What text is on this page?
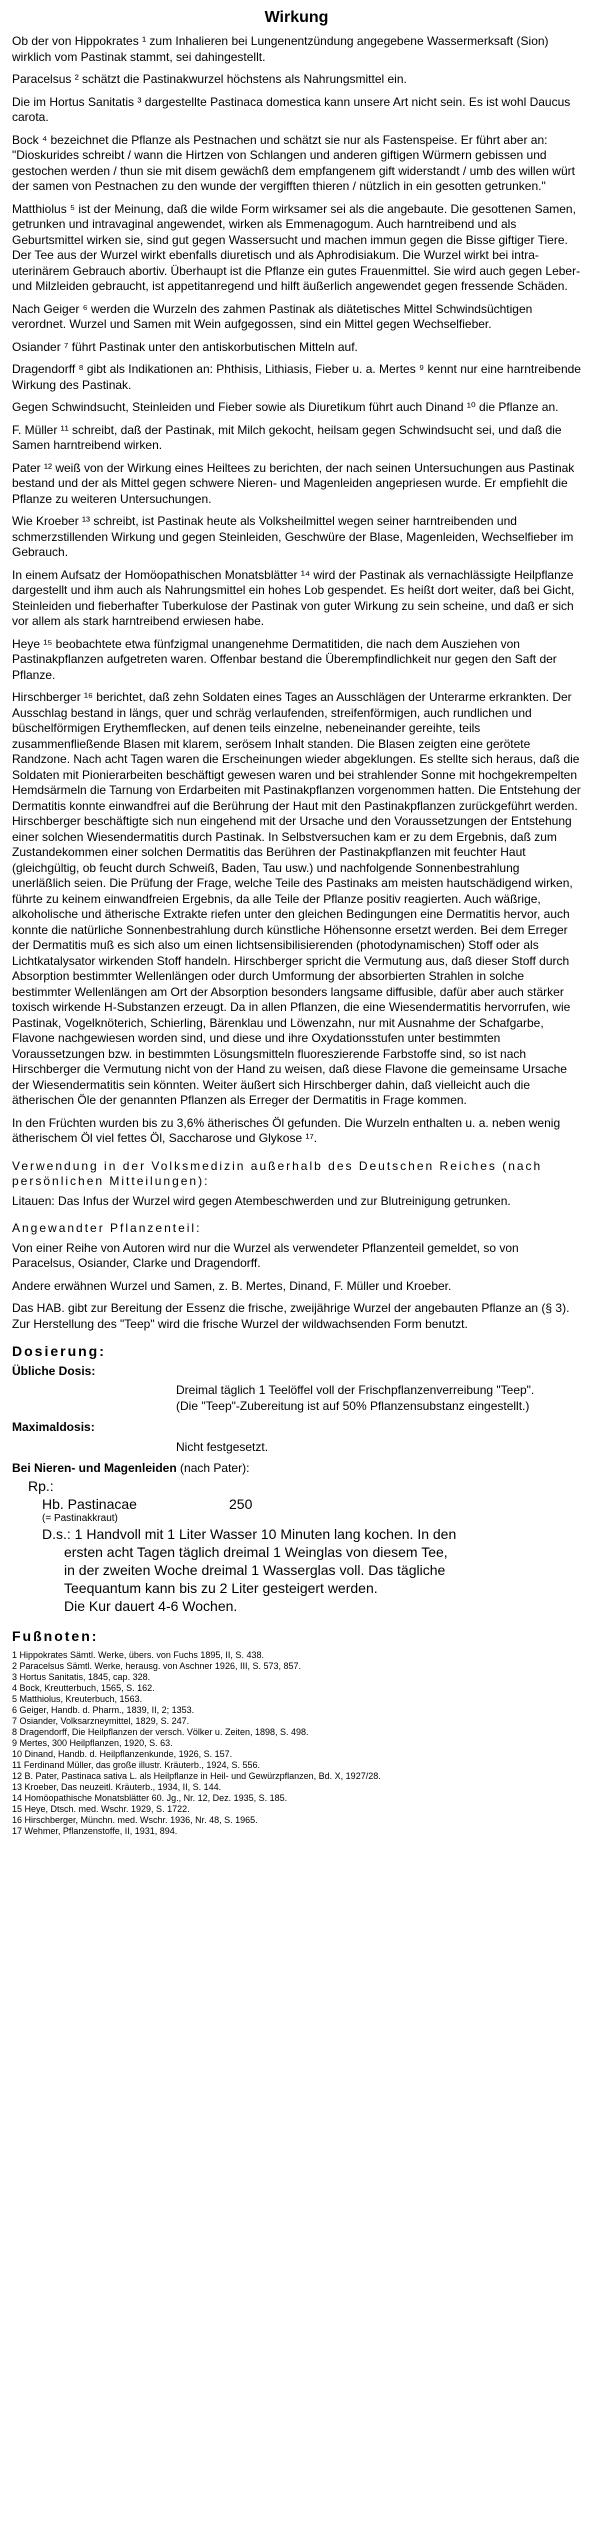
Wirkung

Ob der von Hippokrates ¹ zum Inhalieren bei Lungenentzündung angegebene Wassermerksaft (Sion) wirklich vom Pastinak stammt, sei dahingestellt.

Paracelsus ² schätzt die Pastinakwurzel höchstens als Nahrungsmittel ein.

Die im Hortus Sanitatis ³ dargestellte Pastinaca domestica kann unsere Art nicht sein. Es ist wohl Daucus carota.

Bock ⁴ bezeichnet die Pflanze als Pestnachen und schätzt sie nur als Fastenspeise. Er führt aber an: "Dioskurides schreibt / wann die Hirtzen von Schlangen und anderen giftigen Würmern gebissen und gestochen werden / thun sie mit disem gewächß dem empfangenem gift widerstandt / umb des willen würt der samen von Pestnachen zu den wunde der vergifften thieren / nützlich in ein gesotten getrunken."

Matthiolus ⁵ ist der Meinung, daß die wilde Form wirksamer sei als die angebaute. Die gesottenen Samen, getrunken und intravaginal angewendet, wirken als Emmenagogum. Auch harntreibend und als Geburtsmittel wirken sie, sind gut gegen Wassersucht und machen immun gegen die Bisse giftiger Tiere. Der Tee aus der Wurzel wirkt ebenfalls diuretisch und als Aphrodisiakum. Die Wurzel wirkt bei intra-uterinärem Gebrauch abortiv. Überhaupt ist die Pflanze ein gutes Frauenmittel. Sie wird auch gegen Leber- und Milzleiden gebraucht, ist appetitanregend und hilft äußerlich angewendet gegen fressende Schäden.

Nach Geiger ⁶ werden die Wurzeln des zahmen Pastinak als diätetisches Mittel Schwindsüchtigen verordnet. Wurzel und Samen mit Wein aufgegossen, sind ein Mittel gegen Wechselfieber.

Osiander ⁷ führt Pastinak unter den antiskorbutischen Mitteln auf.

Dragendorff ⁸ gibt als Indikationen an: Phthisis, Lithiasis, Fieber u. a. Mertes ⁹ kennt nur eine harntreibende Wirkung des Pastinak.

Gegen Schwindsucht, Steinleiden und Fieber sowie als Diuretikum führt auch Dinand ¹⁰ die Pflanze an.

F. Müller ¹¹ schreibt, daß der Pastinak, mit Milch gekocht, heilsam gegen Schwindsucht sei, und daß die Samen harntreibend wirken.

Pater ¹² weiß von der Wirkung eines Heiltees zu berichten, der nach seinen Untersuchungen aus Pastinak bestand und der als Mittel gegen schwere Nieren- und Magenleiden angepriesen wurde. Er empfiehlt die Pflanze zu weiteren Untersuchungen.

Wie Kroeber ¹³ schreibt, ist Pastinak heute als Volksheilmittel wegen seiner harntreibenden und schmerzstillenden Wirkung und gegen Steinleiden, Geschwüre der Blase, Magenleiden, Wechselfieber im Gebrauch.

In einem Aufsatz der Homöopathischen Monatsblätter ¹⁴ wird der Pastinak als vernachlässigte Heilpflanze dargestellt und ihm auch als Nahrungsmittel ein hohes Lob gespendet. Es heißt dort weiter, daß bei Gicht, Steinleiden und fieberhafter Tuberkulose der Pastinak von guter Wirkung zu sein scheine, und daß er sich vor allem als stark harntreibend erwiesen habe.

Heye ¹⁵ beobachtete etwa fünfzigmal unangenehme Dermatitiden, die nach dem Ausziehen von Pastinakpflanzen aufgetreten waren. Offenbar bestand die Überempfindlichkeit nur gegen den Saft der Pflanze.

Hirschberger ¹⁶ berichtet, daß zehn Soldaten eines Tages an Ausschlägen der Unterarme erkrankten. Der Ausschlag bestand in längs, quer und schräg verlaufenden, streifenförmigen, auch rundlichen und büschelförmigen Erythemflecken, auf denen teils einzelne, nebeneinander gereihte, teils zusammenfließende Blasen mit klarem, serösem Inhalt standen. Die Blasen zeigten eine gerötete Randzone. Nach acht Tagen waren die Erscheinungen wieder abgeklungen. Es stellte sich heraus, daß die Soldaten mit Pionierarbeiten beschäftigt gewesen waren und bei strahlender Sonne mit hochgekrempelten Hemdsärmeln die Tarnung von Erdarbeiten mit Pastinakpflanzen vorgenommen hatten. Die Entstehung der Dermatitis konnte einwandfrei auf die Berührung der Haut mit den Pastinakpflanzen zurückgeführt werden. Hirschberger beschäftigte sich nun eingehend mit der Ursache und den Voraussetzungen der Entstehung einer solchen Wiesendermatitis durch Pastinak. In Selbstversuchen kam er zu dem Ergebnis, daß zum Zustandekommen einer solchen Dermatitis das Berühren der Pastinakpflanzen mit feuchter Haut (gleichgültig, ob feucht durch Schweiß, Baden, Tau usw.) und nachfolgende Sonnenbestrahlung unerläßlich seien. Die Prüfung der Frage, welche Teile des Pastinaks am meisten hautschädigend wirken, führte zu keinem einwandfreien Ergebnis, da alle Teile der Pflanze positiv reagierten. Auch wäßrige, alkoholische und ätherische Extrakte riefen unter den gleichen Bedingungen eine Dermatitis hervor, auch konnte die natürliche Sonnenbestrahlung durch künstliche Höhensonne ersetzt werden. Bei dem Erreger der Dermatitis muß es sich also um einen lichtsensibilisierenden (photodynamischen) Stoff oder als Lichtkatalysator wirkenden Stoff handeln. Hirschberger spricht die Vermutung aus, daß dieser Stoff durch Absorption bestimmter Wellenlängen oder durch Umformung der absorbierten Strahlen in solche bestimmter Wellenlängen am Ort der Absorption besonders langsame diffusible, dafür aber auch stärker toxisch wirkende H-Substanzen erzeugt. Da in allen Pflanzen, die eine Wiesendermatitis hervorrufen, wie Pastinak, Vogelknöterich, Schierling, Bärenklau und Löwenzahn, nur mit Ausnahme der Schafgarbe, Flavone nachgewiesen worden sind, und diese und ihre Oxydationsstufen unter bestimmten Voraussetzungen bzw. in bestimmten Lösungsmitteln fluoreszierende Farbstoffe sind, so ist nach Hirschberger die Vermutung nicht von der Hand zu weisen, daß diese Flavone die gemeinsame Ursache der Wiesendermatitis sein könnten. Weiter äußert sich Hirschberger dahin, daß vielleicht auch die ätherischen Öle der genannten Pflanzen als Erreger der Dermatitis in Frage kommen.

In den Früchten wurden bis zu 3,6% ätherisches Öl gefunden. Die Wurzeln enthalten u. a. neben wenig ätherischem Öl viel fettes Öl, Saccharose und Glykose ¹⁷.

Verwendung in der Volksmedizin außerhalb des Deutschen Reiches (nach persönlichen Mitteilungen):

Litauen: Das Infus der Wurzel wird gegen Atembeschwerden und zur Blutreinigung getrunken.

Angewandter Pflanzenteil:

Von einer Reihe von Autoren wird nur die Wurzel als verwendeter Pflanzenteil gemeldet, so von Paracelsus, Osiander, Clarke und Dragendorff.

Andere erwähnen Wurzel und Samen, z. B. Mertes, Dinand, F. Müller und Kroeber.

Das HAB. gibt zur Bereitung der Essenz die frische, zweijährige Wurzel der angebauten Pflanze an (§ 3). Zur Herstellung des "Teep" wird die frische Wurzel der wildwachsenden Form benutzt.

Dosierung:
Übliche Dosis:
Dreimal täglich 1 Teelöffel voll der Frischpflanzenverreibung "Teep".
(Die "Teep"-Zubereitung ist auf 50% Pflanzensubstanz eingestellt.)
Maximaldosis:
Nicht festgesetzt.
Bei Nieren- und Magenleiden (nach Pater):
Rp.:
Hb. Pastinacae	250
(= Pastinakkraut)
D.s.: 1 Handvoll mit 1 Liter Wasser 10 Minuten lang kochen. In den
ersten acht Tagen täglich dreimal 1 Weinglas von diesem Tee,
in der zweiten Woche dreimal 1 Wasserglas voll. Das tägliche
Teequantum kann bis zu 2 Liter gesteigert werden.
Die Kur dauert 4-6 Wochen.
Fußnoten:
1 Hippokrates Sämtl. Werke, übers. von Fuchs 1895, II, S. 438.
2 Paracelsus Sämtl. Werke, herausg. von Aschner 1926, III, S. 573, 857.
3 Hortus Sanitatis, 1845, cap. 328.
4 Bock, Kreutterbuch, 1565, S. 162.
5 Matthiolus, Kreuterbuch, 1563.
6 Geiger, Handb. d. Pharm., 1839, II, 2; 1353.
7 Osiander, Volksarzneymittel, 1829, S. 247.
8 Dragendorff, Die Heilpflanzen der versch. Völker u. Zeiten, 1898, S. 498.
9 Mertes, 300 Heilpflanzen, 1920, S. 63.
10 Dinand, Handb. d. Heilpflanzenkunde, 1926, S. 157.
11 Ferdinand Müller, das große illustr. Kräuterb., 1924, S. 556.
12 B. Pater, Pastinaca sativa L. als Heilpflanze in Heil- und Gewürzpflanzen, Bd. X, 1927/28.
13 Kroeber, Das neuzeitl. Kräuterb., 1934, II, S. 144.
14 Homöopathische Monatsblätter 60. Jg., Nr. 12, Dez. 1935, S. 185.
15 Heye, Dtsch. med. Wschr. 1929, S. 1722.
16 Hirschberger, Münchn. med. Wschr. 1936, Nr. 48, S. 1965.
17 Wehmer, Pflanzenstoffe, II, 1931, 894.
